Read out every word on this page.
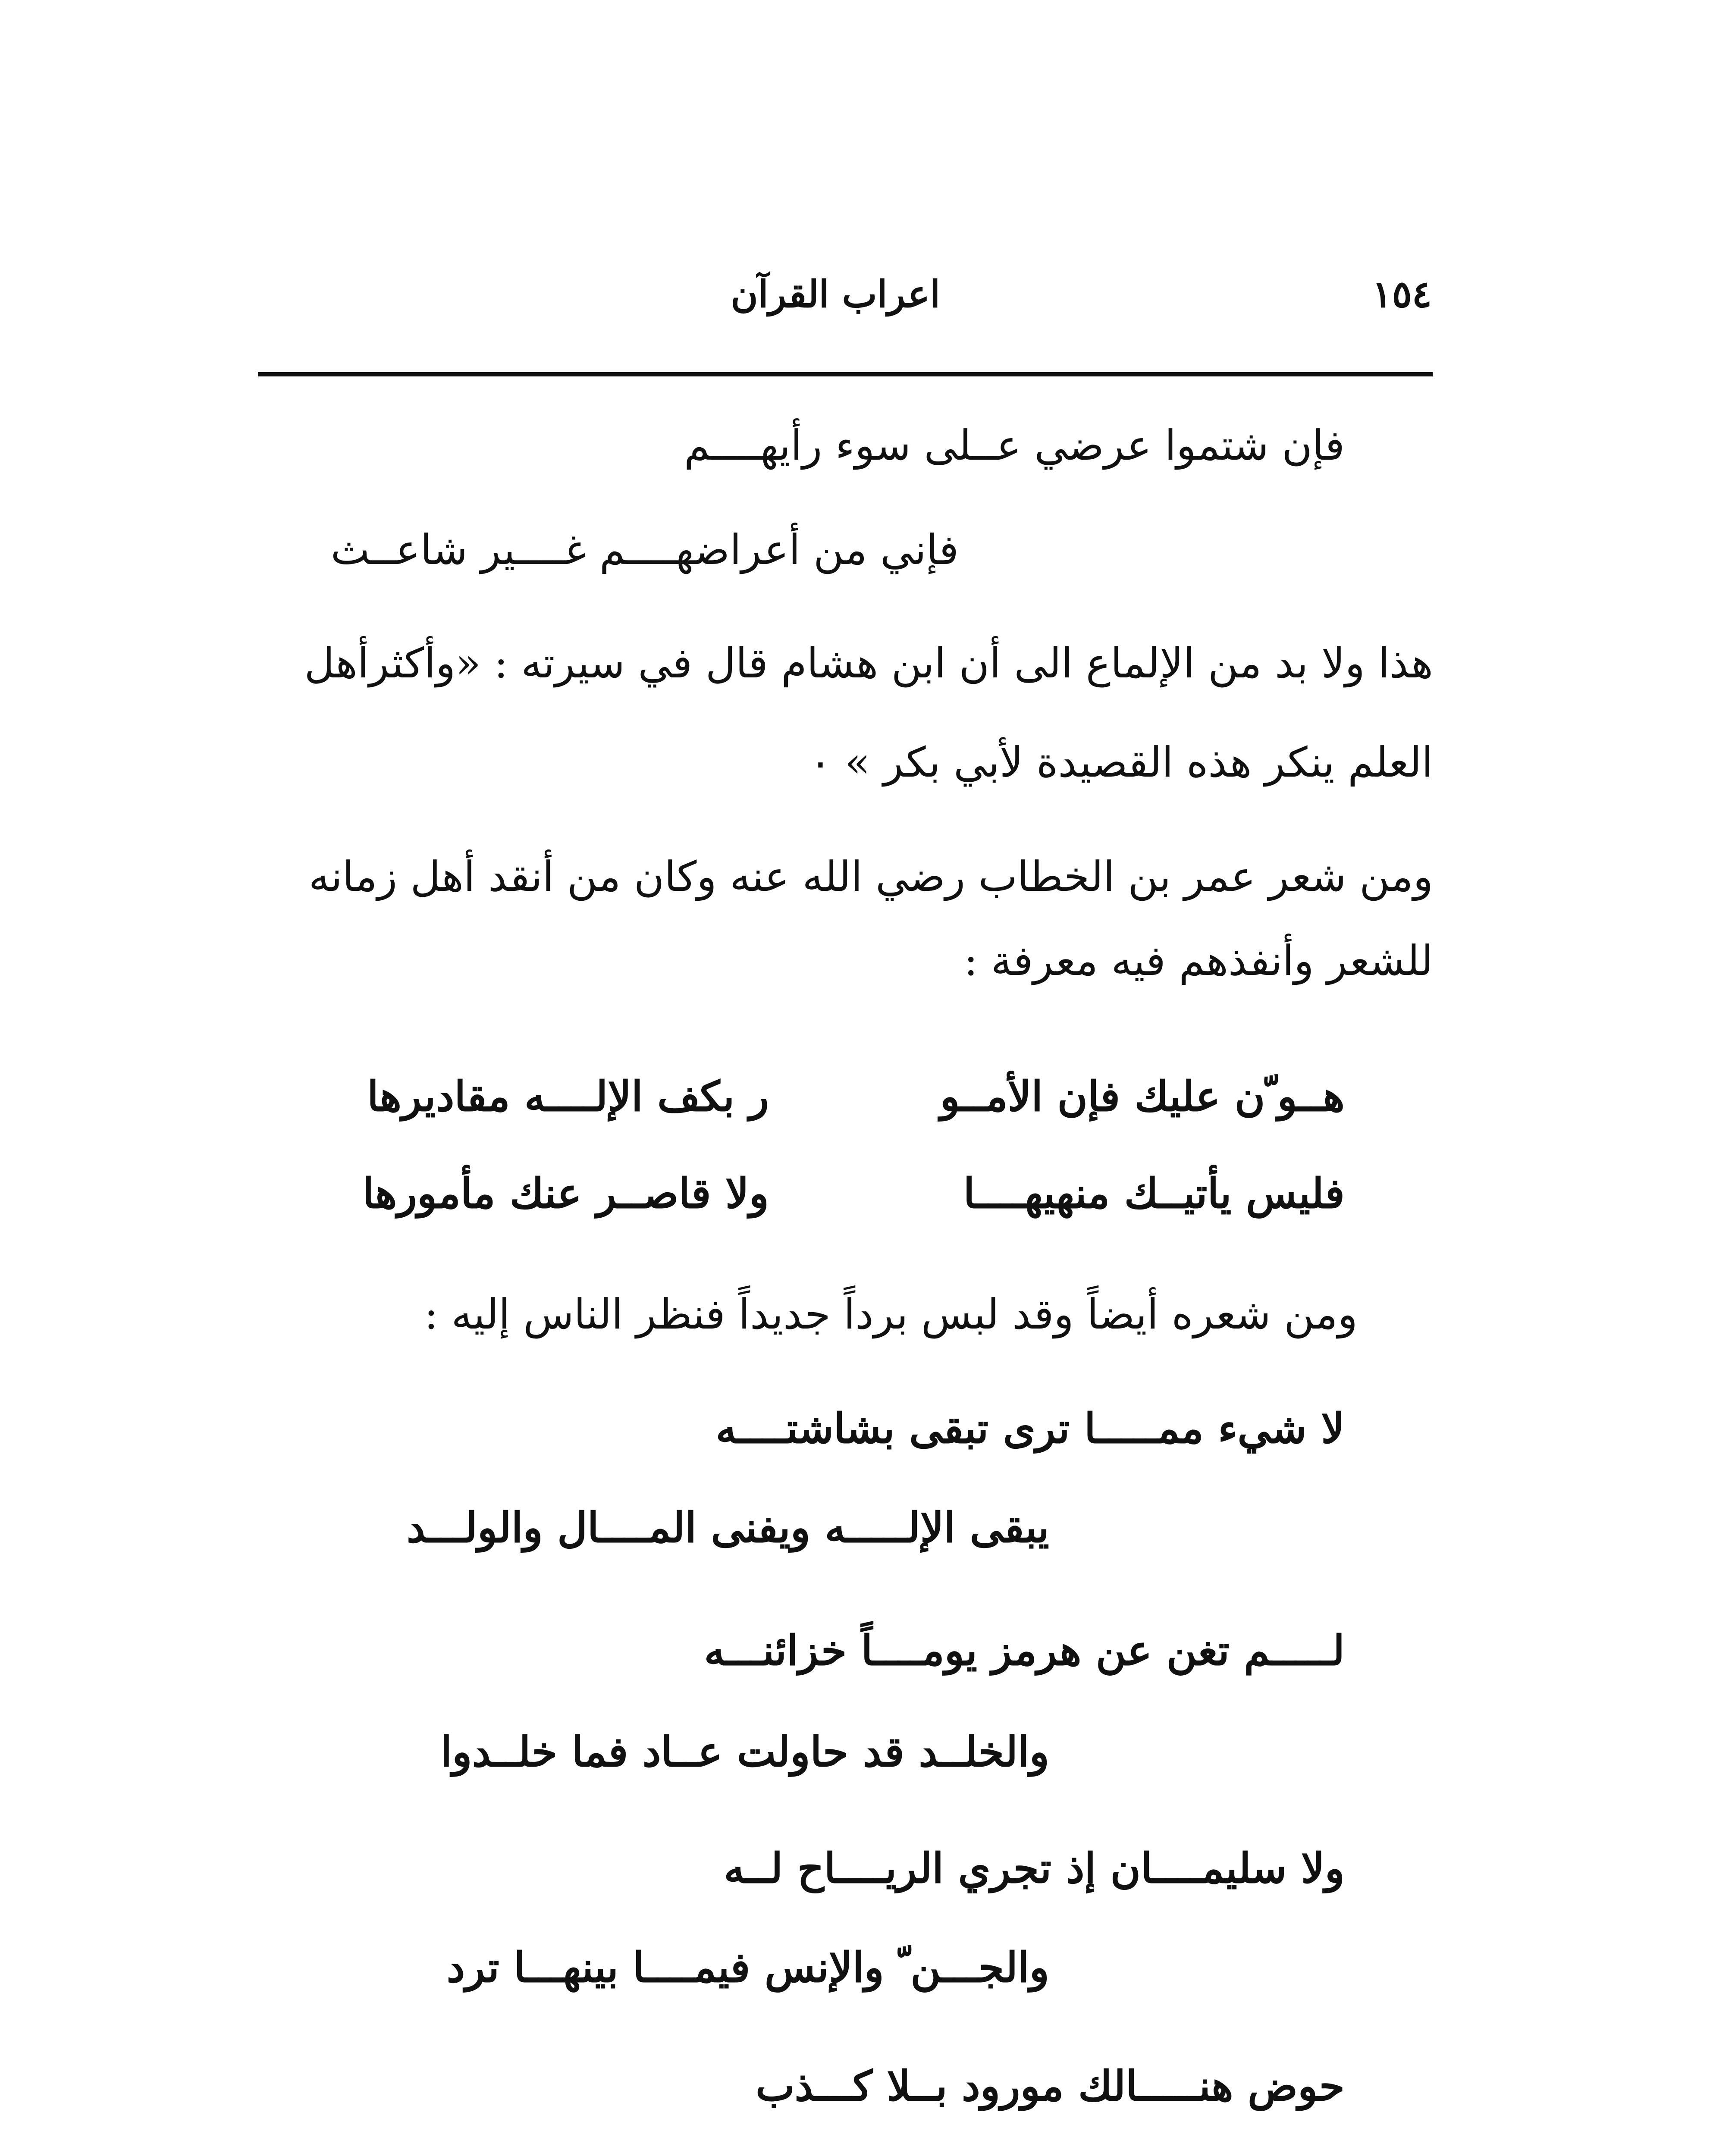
١٥٤
اعراب القرآن
فإن شتموا عرضي عــلى سوء رأيهــــم
فإني من أعراضهــــم غــــير شاعــث
هذا ولا بد من الإلماع الى أن ابن هشام قال في سيرته : «وأكثرأهل
العلم ينكر هذه القصيدة لأبي بكر » ٠
ومن شعر عمر بن الخطاب رضي الله عنه وكان من أنقد أهل زمانه
للشعر وأنفذهم فيه معرفة :
هــو ّن عليك فإن الأمــو
ر بكف الإلــــه مقاديرها
فليس يأتيــك منهيهــــا
ولا قاصــر عنك مأمورها
ومن شعره أيضاً وقد لبس برداً جديداً فنظر الناس إليه :
لا شيء ممـــــا ترى تبقى بشاشتــــه
يبقى الإلـــــه ويفنى المــــال والولـــد
لـــــم تغن عن هرمز يومــــاً خزائنـــه
والخلــد قد حاولت عــاد فما خلــدوا
ولا سليمــــان إذ تجري الريــــاح لــه
والجـــن ّ والإنس فيمــــا بينهـــا ترد
حوض هنـــــالك مورود بــلا كـــذب
